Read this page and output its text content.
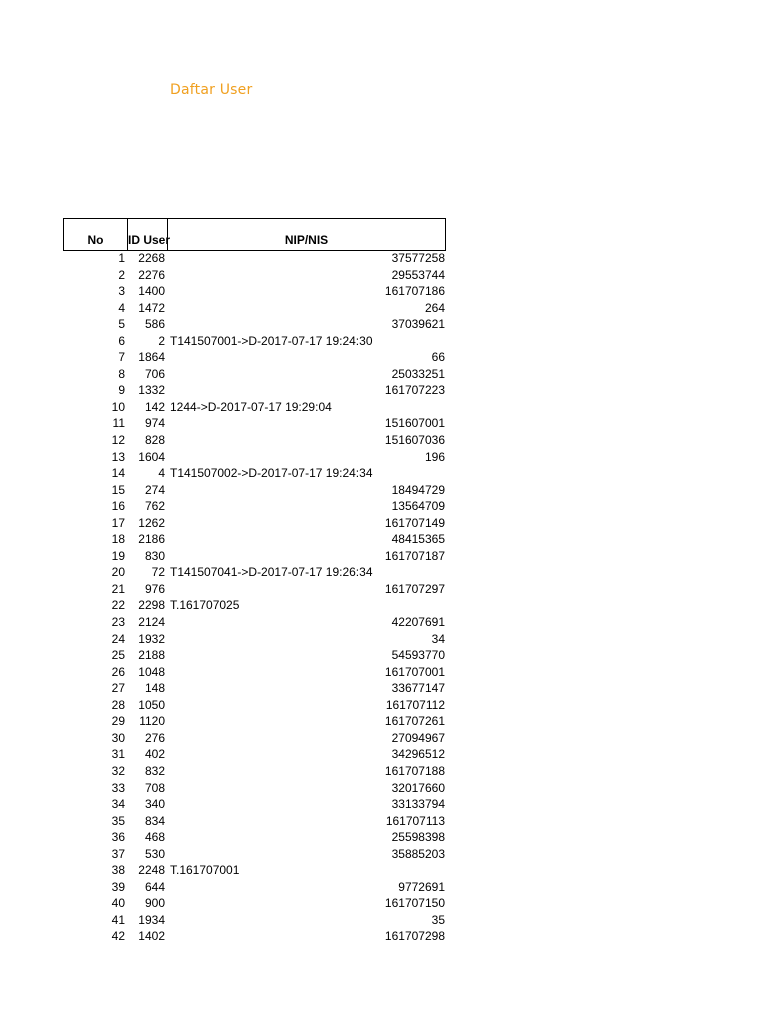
Daftar User
No	ID User	NIP/NIS
1	2268	37577258
2	2276	29553744
3	1400	161707186
4	1472	264
5	586	37039621
6	2 T141507001->D-2017-07-17 19:24:30
7	1864	66
8	706	25033251
9	1332	161707223
10	142 1244->D-2017-07-17 19:29:04
11	974	151607001
12	828	151607036
13	1604	196
14	4 T141507002->D-2017-07-17 19:24:34
15	274	18494729
16	762	13564709
17	1262	161707149
18	2186	48415365
19	830	161707187
20	72 T141507041->D-2017-07-17 19:26:34
21	976	161707297
22	2298 T.161707025
23	2124	42207691
24	1932	34
25	2188	54593770
26	1048	161707001
27	148	33677147
28	1050	161707112
29	1120	161707261
30	276	27094967
31	402	34296512
32	832	161707188
33	708	32017660
34	340	33133794
35	834	161707113
36	468	25598398
37	530	35885203
38	2248 T.161707001
39	644	9772691
40	900	161707150
41	1934	35
42	1402	161707298
